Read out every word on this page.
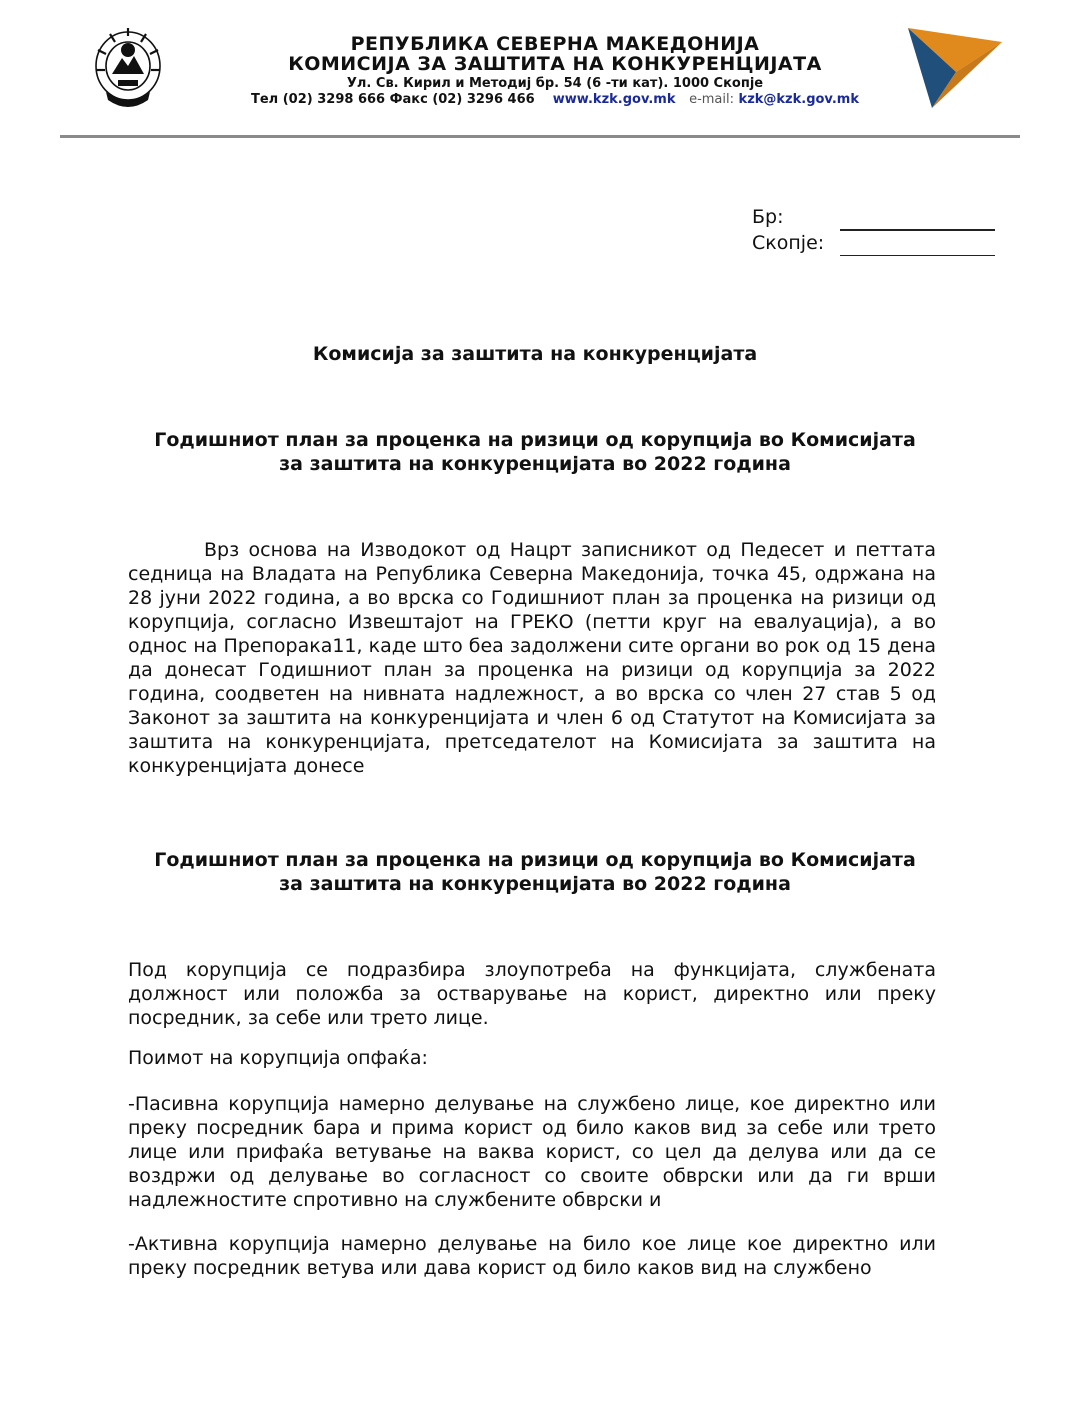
РЕПУБЛИКА СЕВЕРНА МАКЕДОНИЈА
КОМИСИЈА ЗА ЗАШТИТА НА КОНКУРЕНЦИЈАТА
Ул. Св. Кирил и Методиј бр. 54 (6 -ти кат). 1000 Скопје
Тел (02) 3298 666 Факс (02) 3296 466 www.kzk.gov.mk e-mail: kzk@kzk.gov.mk
Бр:
Скопје:
Комисија за заштита на конкуренцијата
Годишниот план за проценка на ризици од корупција во Комисијата
за заштита на конкуренцијата во 2022 година
Врз основа на Изводокот од Нацрт записникот од Педесет и петтата седница на Владата на Република Северна Македонија, точка 45, одржана на 28 јуни 2022 година, а во врска со Годишниот план за проценка на ризици од корупција, согласно Извештајот на ГРЕКО (петти круг на евалуација), а во однос на Препорака11, каде што беа задолжени сите органи во рок од 15 дена да донесат Годишниот план за проценка на ризици од корупција за 2022 година, соодветен на нивната надлежност, а во врска со член 27 став 5 од Законот за заштита на конкуренцијата и член 6 од Статутот на Комисијата за заштита на конкуренцијата, претседателот на Комисијата за заштита на конкуренцијата донесе
Годишниот план за проценка на ризици од корупција во Комисијата
за заштита на конкуренцијата во 2022 година
Под корупција се подразбира злоупотреба на функцијата, службената должност или положба за остварување на корист, директно или преку посредник, за себе или трето лице.
Поимот на корупција опфаќа:
-Пасивна корупција намерно делување на службено лице, кое директно или преку посредник бара и прима корист од било каков вид за себе или трето лице или прифаќа ветување на ваква корист, со цел да делува или да се воздржи од делување во согласност со своите обврски или да ги врши надлежностите спротивно на службените обврски и
-Активна корупција намерно делување на било кое лице кое директно или преку посредник ветува или дава корист од било каков вид на службено
